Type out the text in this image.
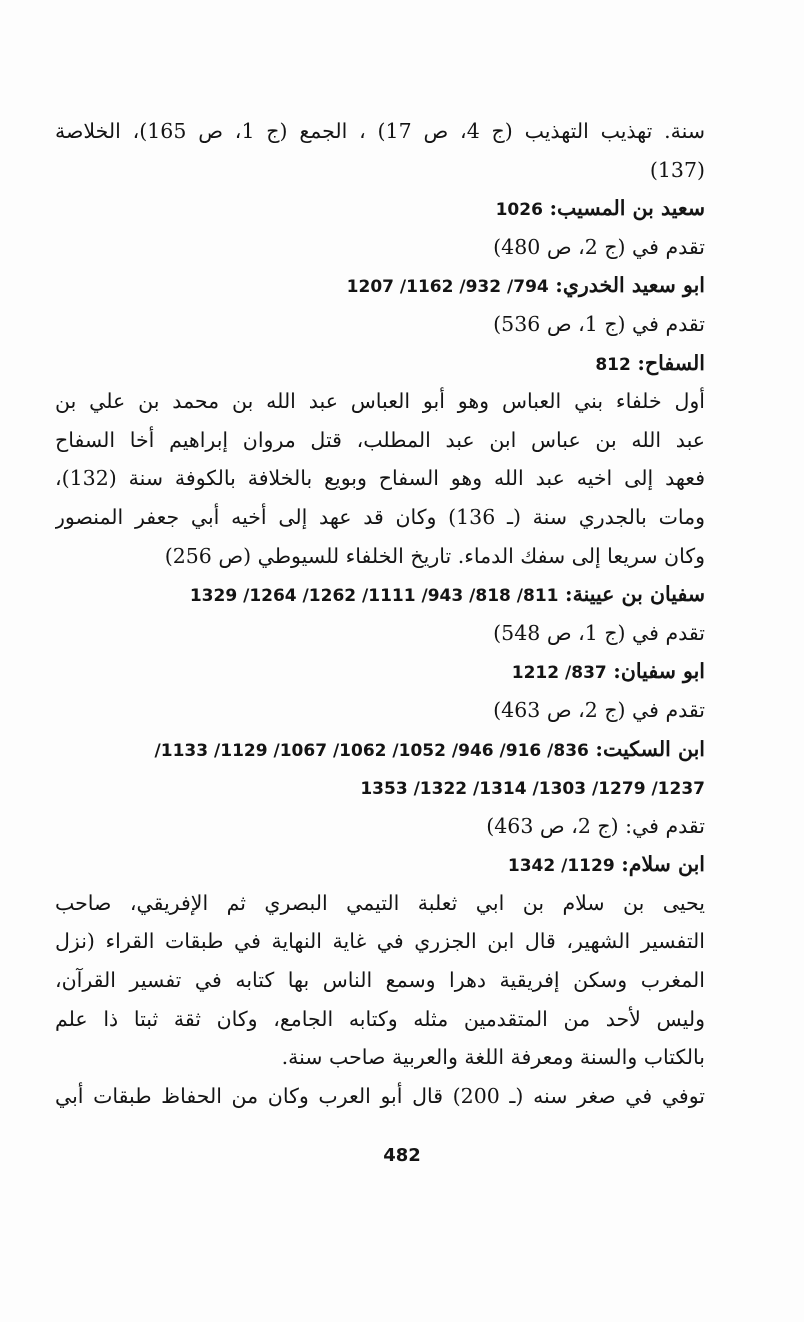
سنة. تهذيب التهذيب (ج 4، ص 17) ، الجمع (ج 1، ص 165)، الخلاصة
(137)
سعيد بن المسيب: 1026
تقدم في (ج 2، ص 480)
ابو سعيد الخدري: 794/ 932/ 1162/ 1207
تقدم في (ج 1، ص 536)
السفاح: 812
أول خلفاء بني العباس وهو أبو العباس عبد الله بن محمد بن علي بن
عبد الله بن عباس ابن عبد المطلب، قتل مروان إبراهيم أخا السفاح
فعهد إلى اخيه عبد الله وهو السفاح وبويع بالخلافة بالكوفة سنة (132)،
ومات بالجدري سنة (ـ 136) وكان قد عهد إلى أخيه أبي جعفر المنصور
وكان سريعا إلى سفك الدماء. تاريخ الخلفاء للسيوطي (ص 256)
سفيان بن عيينة: 811/ 818/ 943/ 1111/ 1262/ 1264/ 1329
تقدم في (ج 1، ص 548)
ابو سفيان: 837/ 1212
تقدم في (ج 2، ص 463)
ابن السكيت: 836/ 916/ 946/ 1052/ 1062/ 1067/ 1129/ 1133/
1237/ 1279/ 1303/ 1314/ 1322/ 1353
تقدم في: (ج 2، ص 463)
ابن سلام: 1129/ 1342
يحيى بن سلام بن ابي ثعلبة التيمي البصري ثم الإفريقي، صاحب
التفسير الشهير، قال ابن الجزري في غاية النهاية في طبقات القراء (نزل
المغرب وسكن إفريقية دهرا وسمع الناس بها كتابه في تفسير القرآن،
وليس لأحد من المتقدمين مثله وكتابه الجامع، وكان ثقة ثبتا ذا علم
بالكتاب والسنة ومعرفة اللغة والعربية صاحب سنة.
توفي في صغر سنه (ـ 200) قال أبو العرب وكان من الحفاظ طبقات أبي
482
